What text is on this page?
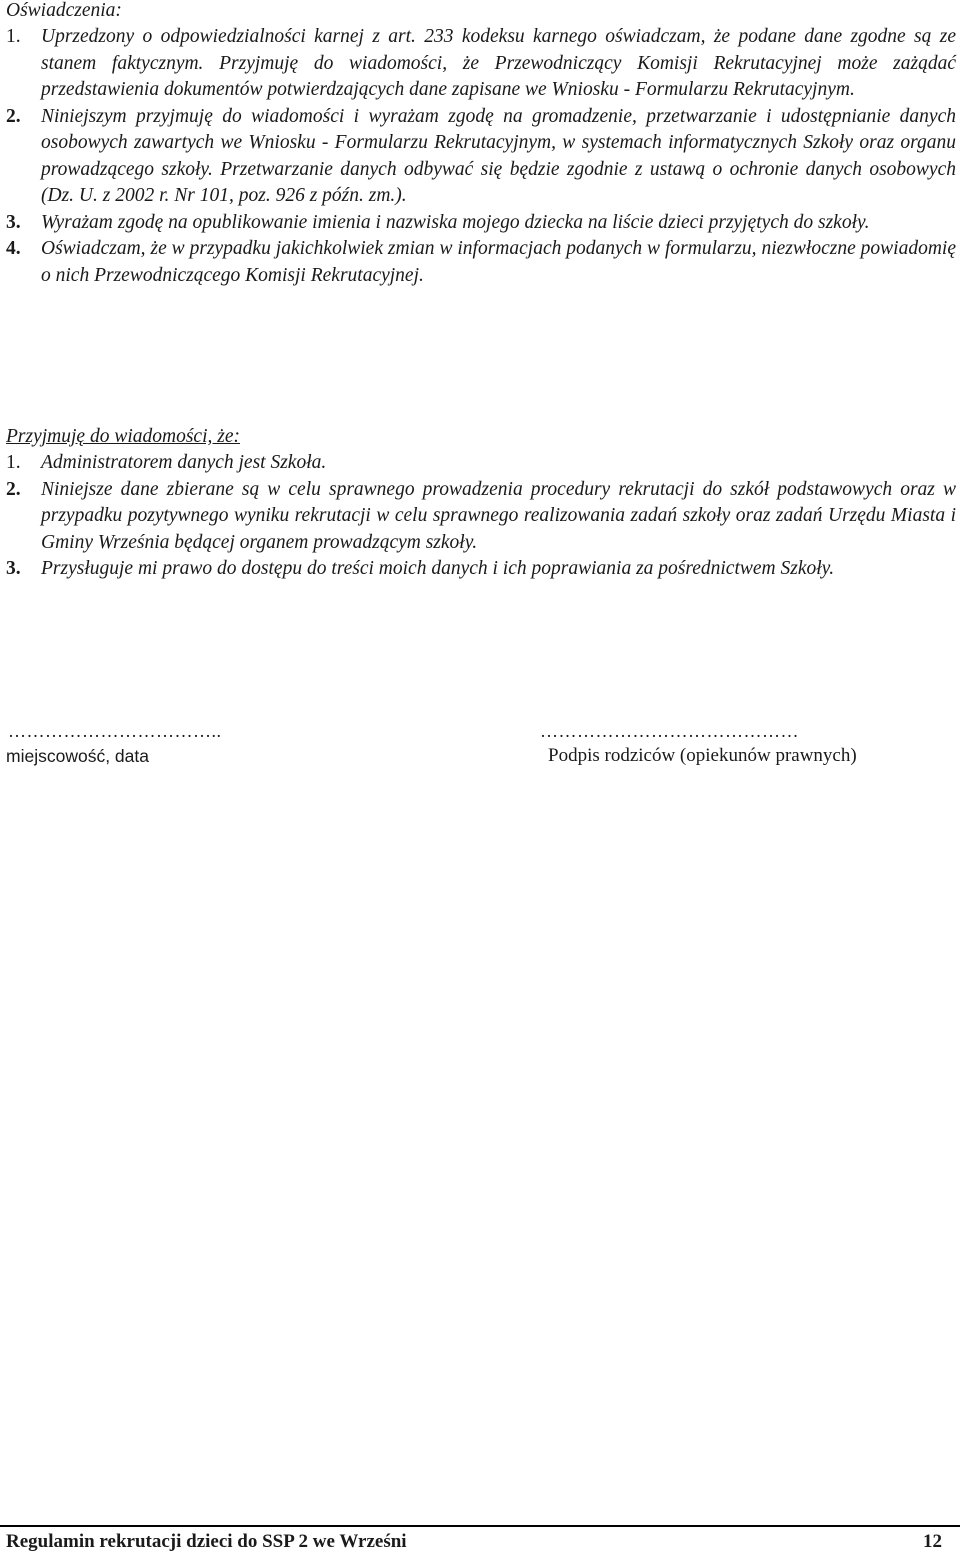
Oświadczenia:
1. Uprzedzony o odpowiedzialności karnej z art. 233 kodeksu karnego oświadczam, że podane dane zgodne są ze stanem faktycznym. Przyjmuję do wiadomości, że Przewodniczący Komisji Rekrutacyjnej może zażądać przedstawienia dokumentów potwierdzających dane zapisane we Wniosku - Formularzu Rekrutacyjnym.
2. Niniejszym przyjmuję do wiadomości i wyrażam zgodę na gromadzenie, przetwarzanie i udostępnianie danych osobowych zawartych we Wniosku - Formularzu Rekrutacyjnym, w systemach informatycznych Szkoły oraz organu prowadzącego szkoły. Przetwarzanie danych odbywać się będzie zgodnie z ustawą o ochronie danych osobowych (Dz. U. z 2002 r. Nr 101, poz. 926 z późn. zm.).
3. Wyrażam zgodę na opublikowanie imienia i nazwiska mojego dziecka na liście dzieci przyjętych do szkoły.
4. Oświadczam, że w przypadku jakichkolwiek zmian w informacjach podanych w formularzu, niezwłoczne powiadomię o nich Przewodniczącego Komisji Rekrutacyjnej.
Przyjmuję do wiadomości, że:
1. Administratorem danych jest Szkoła.
2. Niniejsze dane zbierane są w celu sprawnego prowadzenia procedury rekrutacji do szkół podstawowych oraz w przypadku pozytywnego wyniku rekrutacji w celu sprawnego realizowania zadań szkoły oraz zadań Urzędu Miasta i Gminy Września będącej organem prowadzącym szkoły.
3. Przysługuje mi prawo do dostępu do treści moich danych i ich poprawiania za pośrednictwem Szkoły.
……………………………..
miejscowość, data
……………………………………
Podpis rodziców (opiekunów prawnych)
Regulamin rekrutacji dzieci do SSP 2 we Wrześni	12
